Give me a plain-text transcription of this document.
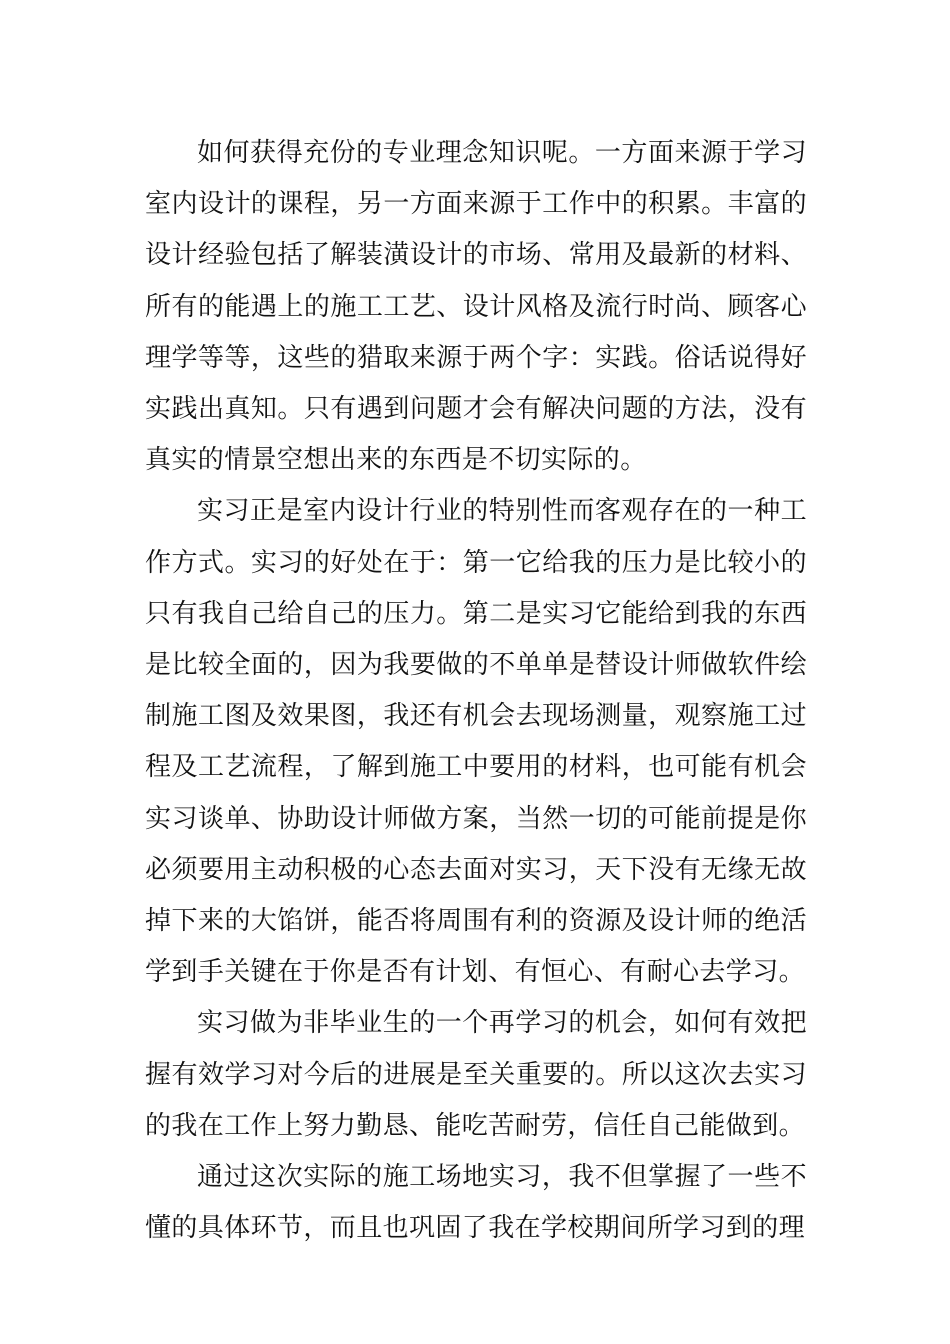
如何获得充份的专业理念知识呢。一方面来源于学习室内设计的课程，另一方面来源于工作中的积累。丰富的设计经验包括了解装潢设计的市场、常用及最新的材料、所有的能遇上的施工工艺、设计风格及流行时尚、顾客心理学等等，这些的猎取来源于两个字：实践。俗话说得好实践出真知。只有遇到问题才会有解决问题的方法，没有真实的情景空想出来的东西是不切实际的。

实习正是室内设计行业的特别性而客观存在的一种工作方式。实习的好处在于：第一它给我的压力是比较小的只有我自己给自己的压力。第二是实习它能给到我的东西是比较全面的，因为我要做的不单单是替设计师做软件绘制施工图及效果图，我还有机会去现场测量，观察施工过程及工艺流程，了解到施工中要用的材料，也可能有机会实习谈单、协助设计师做方案，当然一切的可能前提是你必须要用主动积极的心态去面对实习，天下没有无缘无故掉下来的大馅饼，能否将周围有利的资源及设计师的绝活学到手关键在于你是否有计划、有恒心、有耐心去学习。

实习做为非毕业生的一个再学习的机会，如何有效把握有效学习对今后的进展是至关重要的。所以这次去实习的我在工作上努力勤恳、能吃苦耐劳，信任自己能做到。

通过这次实际的施工场地实习，我不但掌握了一些不懂的具体环节，而且也巩固了我在学校期间所学习到的理
